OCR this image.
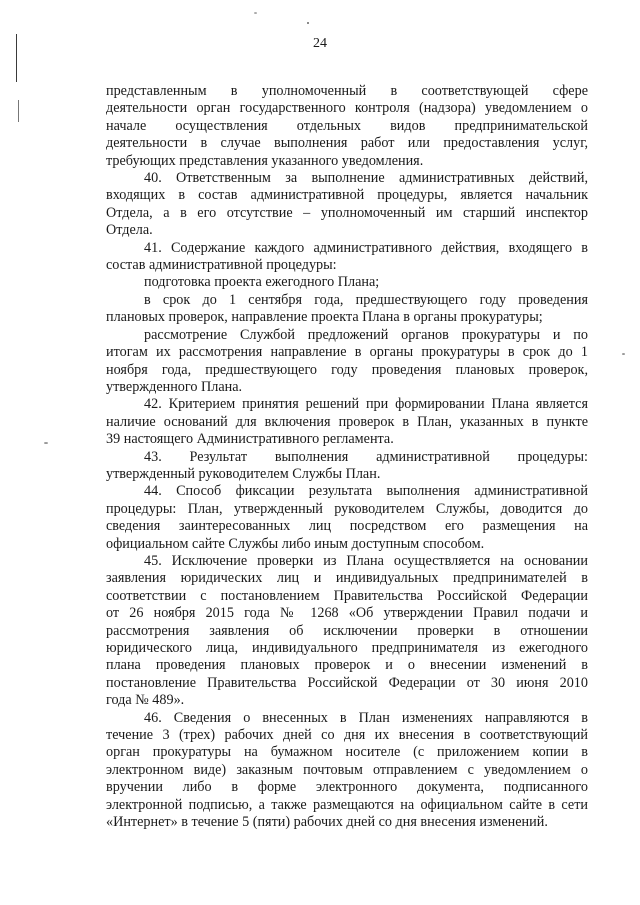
24

представленным в уполномоченный в соответствующей сфере

деятельности орган государственного контроля (надзора) уведомлением о

начале осуществления отдельных видов предпринимательской

деятельности в случае выполнения работ или предоставления услуг,

требующих представления указанного уведомления.

40. Ответственным за выполнение административных действий,

входящих в состав административной процедуры, является начальник

Отдела, а в его отсутствие – уполномоченный им старший инспектор

Отдела.

41. Содержание каждого административного действия, входящего в

состав административной процедуры:

подготовка проекта ежегодного Плана;

в срок до 1 сентября года, предшествующего году проведения

плановых проверок, направление проекта Плана в органы прокуратуры;

рассмотрение Службой предложений органов прокуратуры и по

итогам их рассмотрения направление в органы прокуратуры в срок до 1

ноября года, предшествующего году проведения плановых проверок,

утвержденного Плана.

42. Критерием принятия решений при формировании Плана является

наличие оснований для включения проверок в План, указанных в пункте

39 настоящего Административного регламента.

43. Результат выполнения административной процедуры:

утвержденный руководителем Службы План.

44. Способ фиксации результата выполнения административной

процедуры: План, утвержденный руководителем Службы, доводится до

сведения заинтересованных лиц посредством его размещения на

официальном сайте Службы либо иным доступным способом.

45. Исключение проверки из Плана осуществляется на основании

заявления юридических лиц и индивидуальных предпринимателей в

соответствии с постановлением Правительства Российской Федерации

от 26 ноября 2015 года № 1268 «Об утверждении Правил подачи и

рассмотрения заявления об исключении проверки в отношении

юридического лица, индивидуального предпринимателя из ежегодного

плана проведения плановых проверок и о внесении изменений в

постановление Правительства Российской Федерации от 30 июня 2010

года № 489».

46. Сведения о внесенных в План изменениях направляются в

течение 3 (трех) рабочих дней со дня их внесения в соответствующий

орган прокуратуры на бумажном носителе (с приложением копии в

электронном виде) заказным почтовым отправлением с уведомлением о

вручении либо в форме электронного документа, подписанного

электронной подписью, а также размещаются на официальном сайте в сети

«Интернет» в течение 5 (пяти) рабочих дней со дня внесения изменений.
